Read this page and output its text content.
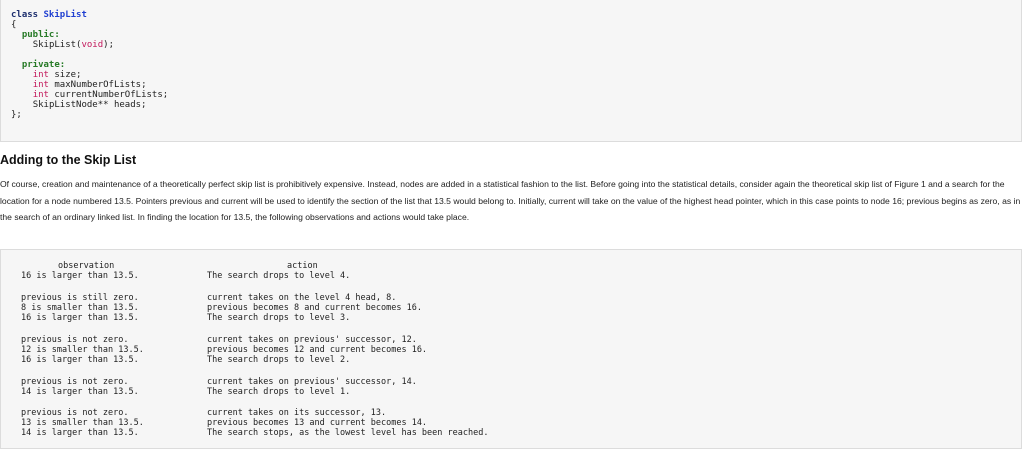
class SkipList
{
public:
SkipList(void);

private:
int size;
int maxNumberOfLists;
int currentNumberOfLists;
SkipListNode** heads;
};
Adding to the Skip List

Of course, creation and maintenance of a theoretically perfect skip list is prohibitively expensive. Instead, nodes are added in a statistical fashion to the list. Before going into the statistical details, consider again the theoretical skip list of Figure 1 and a search for the location for a node numbered 13.5. Pointers previous and current will be used to identify the section of the list that 13.5 would belong to. Initially, current will take on the value of the highest head pointer, which in this case points to node 16; previous begins as zero, as in the search of an ordinary linked list. In finding the location for 13.5, the following observations and actions would take place.

observation	action
16 is larger than 13.5.	The search drops to level 4.
previous is still zero.
8 is smaller than 13.5.
16 is larger than 13.5.
current takes on the level 4 head, 8.
previous becomes 8 and current becomes 16.
The search drops to level 3.
previous is not zero.
12 is smaller than 13.5.
16 is larger than 13.5.
current takes on previous' successor, 12.
previous becomes 12 and current becomes 16.
The search drops to level 2.
previous is not zero.
14 is larger than 13.5.
current takes on previous' successor, 14.
The search drops to level 1.
previous is not zero.
13 is smaller than 13.5.
14 is larger than 13.5.
current takes on its successor, 13.
previous becomes 13 and current becomes 14.
The search stops, as the lowest level has been reached.
